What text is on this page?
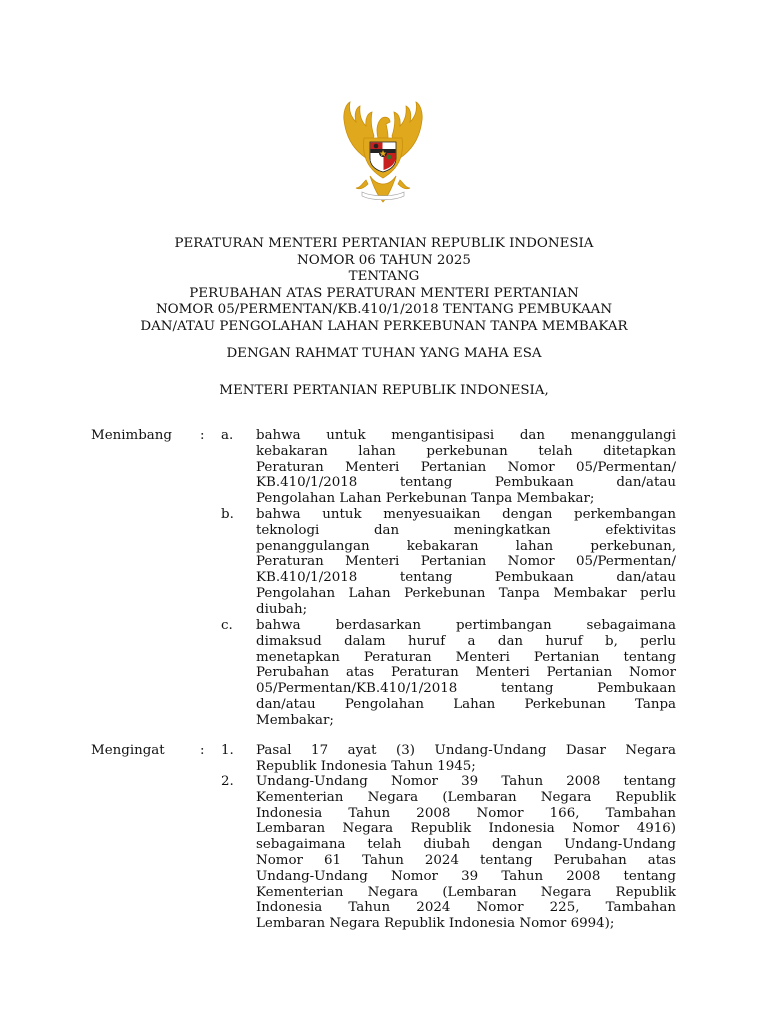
PERATURAN MENTERI PERTANIAN REPUBLIK INDONESIA
NOMOR 06 TAHUN 2025
TENTANG
PERUBAHAN ATAS PERATURAN MENTERI PERTANIAN
NOMOR 05/PERMENTAN/KB.410/1/2018 TENTANG PEMBUKAAN
DAN/ATAU PENGOLAHAN LAHAN PERKEBUNAN TANPA MEMBAKAR
DENGAN RAHMAT TUHAN YANG MAHA ESA
MENTERI PERTANIAN REPUBLIK INDONESIA,
Menimbang : a. bahwa untuk mengantisipasi dan menanggulangi
kebakaran lahan perkebunan telah ditetapkan
Peraturan Menteri Pertanian Nomor 05/Permentan/
KB.410/1/2018 tentang Pembukaan dan/atau
Pengolahan Lahan Perkebunan Tanpa Membakar;
b. bahwa untuk menyesuaikan dengan perkembangan
teknologi dan meningkatkan efektivitas
penanggulangan kebakaran lahan perkebunan,
Peraturan Menteri Pertanian Nomor 05/Permentan/
KB.410/1/2018 tentang Pembukaan dan/atau
Pengolahan Lahan Perkebunan Tanpa Membakar perlu
diubah;
c. bahwa berdasarkan pertimbangan sebagaimana
dimaksud dalam huruf a dan huruf b, perlu
menetapkan Peraturan Menteri Pertanian tentang
Perubahan atas Peraturan Menteri Pertanian Nomor
05/Permentan/KB.410/1/2018 tentang Pembukaan
dan/atau Pengolahan Lahan Perkebunan Tanpa
Membakar;
Mengingat	: 1. Pasal 17 ayat (3) Undang-Undang Dasar Negara
Republik Indonesia Tahun 1945;
2. Undang-Undang Nomor 39 Tahun 2008 tentang
Kementerian Negara (Lembaran Negara Republik
Indonesia Tahun 2008 Nomor 166, Tambahan
Lembaran Negara Republik Indonesia Nomor 4916)
sebagaimana telah diubah dengan Undang-Undang
Nomor 61 Tahun 2024 tentang Perubahan atas
Undang-Undang Nomor 39 Tahun 2008 tentang
Kementerian Negara (Lembaran Negara Republik
Indonesia Tahun 2024 Nomor 225, Tambahan
Lembaran Negara Republik Indonesia Nomor 6994);
